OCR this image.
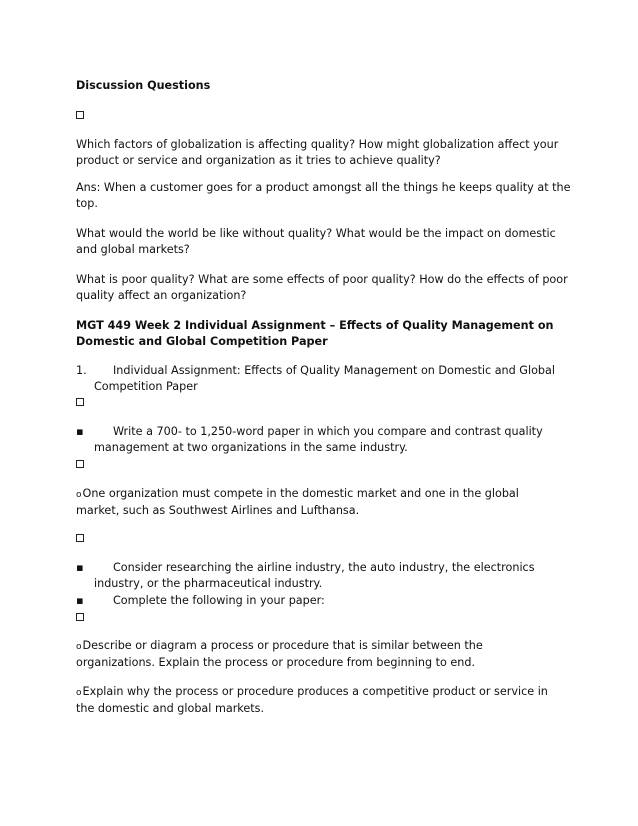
Discussion Questions
Which factors of globalization is affecting quality? How might globalization affect your
product or service and organization as it tries to achieve quality?
Ans: When a customer goes for a product amongst all the things he keeps quality at the
top.
What would the world be like without quality? What would be the impact on domestic
and global markets?
What is poor quality? What are some effects of poor quality? How do the effects of poor
quality affect an organization?
MGT 449 Week 2 Individual Assignment – Effects of Quality Management on
Domestic and Global Competition Paper
1. Individual Assignment: Effects of Quality Management on Domestic and Global
Competition Paper
▪	Write a 700- to 1,250-word paper in which you compare and contrast quality
management at two organizations in the same industry.
o One organization must compete in the domestic market and one in the global
market, such as Southwest Airlines and Lufthansa.
▪	Consider researching the airline industry, the auto industry, the electronics
industry, or the pharmaceutical industry.
▪	Complete the following in your paper:
o Describe or diagram a process or procedure that is similar between the
organizations. Explain the process or procedure from beginning to end.
o Explain why the process or procedure produces a competitive product or service in
the domestic and global markets.
